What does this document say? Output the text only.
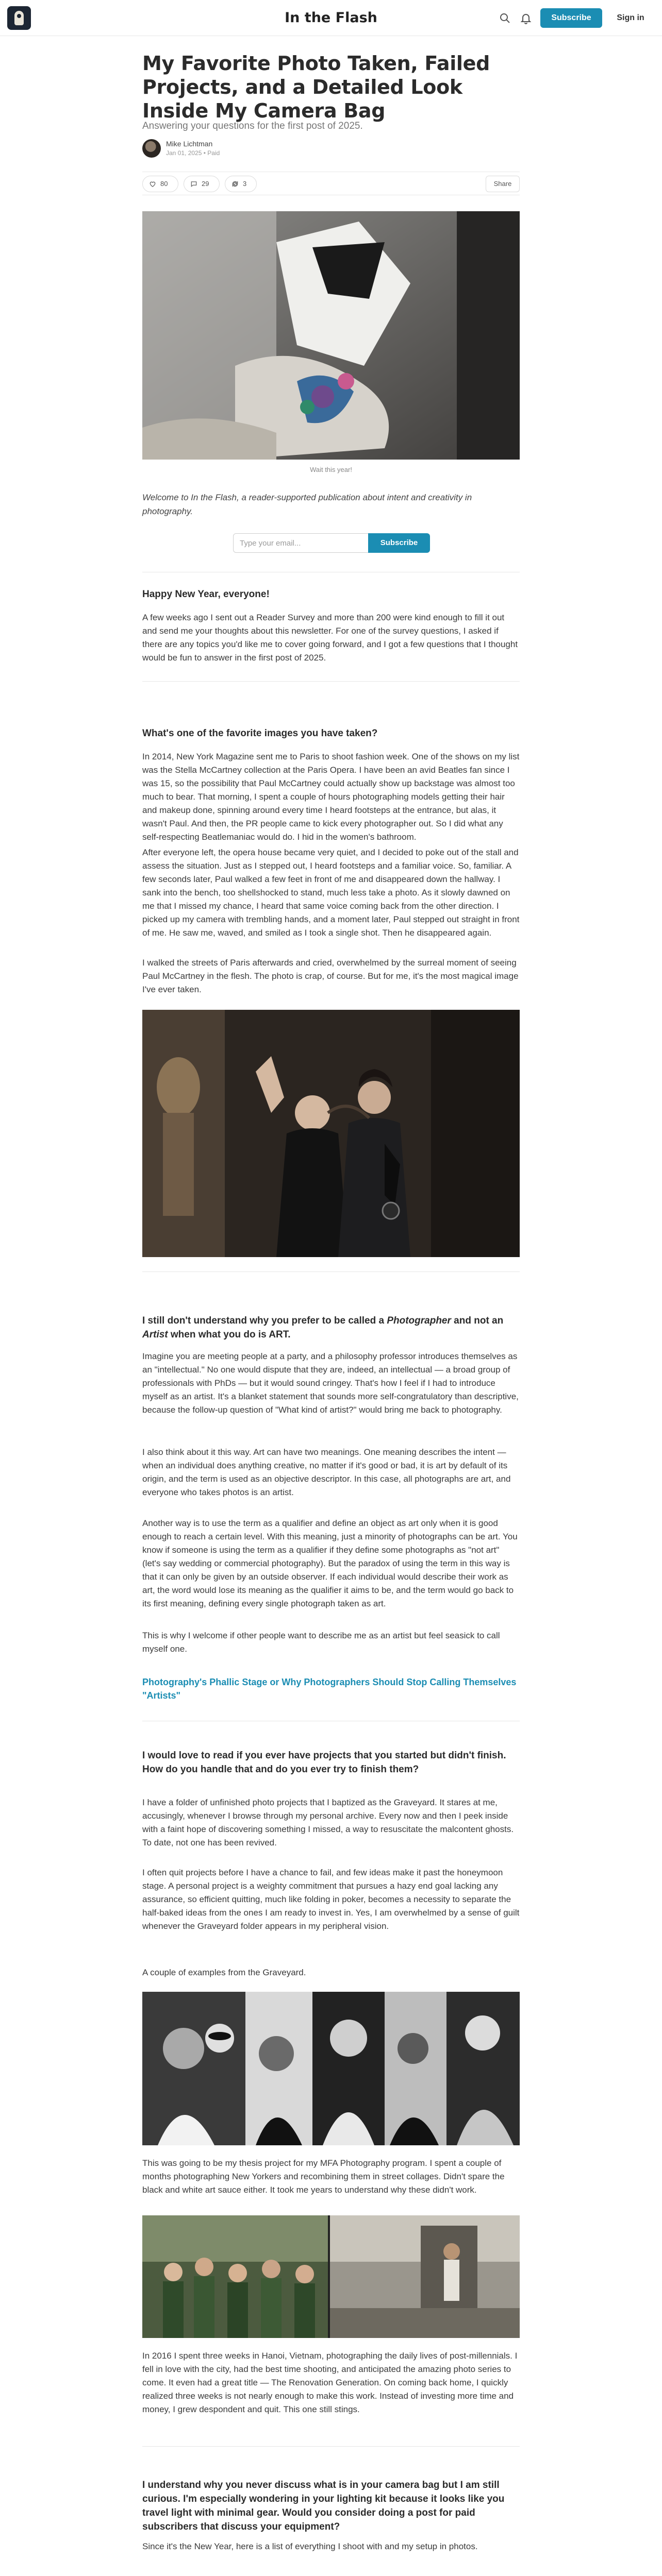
In the Flash	Subscribe	Sign in
My Favorite Photo Taken, Failed Projects, and a Detailed Look Inside My Camera Bag
Answering your questions for the first post of 2025.
Mike Lichtman
Jan 01, 2025 • Paid
80	29	3	Share
Wait this year!
Welcome to In the Flash, a reader-supported publication about intent and creativity in photography.
Type your email...
Subscribe
Happy New Year, everyone!
A few weeks ago I sent out a Reader Survey and more than 200 were kind enough to fill it out and send me your thoughts about this newsletter. For one of the survey questions, I asked if there are any topics you'd like me to cover going forward, and I got a few questions that I thought would be fun to answer in the first post of 2025.
What's one of the favorite images you have taken?
In 2014, New York Magazine sent me to Paris to shoot fashion week. One of the shows on my list was the Stella McCartney collection at the Paris Opera. I have been an avid Beatles fan since I was 15, so the possibility that Paul McCartney could actually show up backstage was almost too much to bear. That morning, I spent a couple of hours photographing models getting their hair and makeup done, spinning around every time I heard footsteps at the entrance, but alas, it wasn't Paul. And then, the PR people came to kick every photographer out. So I did what any self-respecting Beatlemaniac would do. I hid in the women's bathroom.
After everyone left, the opera house became very quiet, and I decided to poke out of the stall and assess the situation. Just as I stepped out, I heard footsteps and a familiar voice. So, familiar. A few seconds later, Paul walked a few feet in front of me and disappeared down the hallway. I sank into the bench, too shellshocked to stand, much less take a photo. As it slowly dawned on me that I missed my chance, I heard that same voice coming back from the other direction. I picked up my camera with trembling hands, and a moment later, Paul stepped out straight in front of me. He saw me, waved, and smiled as I took a single shot. Then he disappeared again.
I walked the streets of Paris afterwards and cried, overwhelmed by the surreal moment of seeing Paul McCartney in the flesh. The photo is crap, of course. But for me, it's the most magical image I've ever taken.
I still don't understand why you prefer to be called a Photographer and not an Artist when what you do is ART.
Imagine you are meeting people at a party, and a philosophy professor introduces themselves as an "intellectual." No one would dispute that they are, indeed, an intellectual — a broad group of professionals with PhDs — but it would sound cringey. That's how I feel if I had to introduce myself as an artist. It's a blanket statement that sounds more self-congratulatory than descriptive, because the follow-up question of "What kind of artist?" would bring me back to photography.
I also think about it this way. Art can have two meanings. One meaning describes the intent — when an individual does anything creative, no matter if it's good or bad, it is art by default of its origin, and the term is used as an objective descriptor. In this case, all photographs are art, and everyone who takes photos is an artist.
Another way is to use the term as a qualifier and define an object as art only when it is good enough to reach a certain level. With this meaning, just a minority of photographs can be art. You know if someone is using the term as a qualifier if they define some photographs as "not art" (let's say wedding or commercial photography). But the paradox of using the term in this way is that it can only be given by an outside observer. If each individual would describe their work as art, the word would lose its meaning as the qualifier it aims to be, and the term would go back to its first meaning, defining every single photograph taken as art.
This is why I welcome if other people want to describe me as an artist but feel seasick to call myself one.
Photography's Phallic Stage or Why Photographers Should Stop Calling Themselves "Artists"
I would love to read if you ever have projects that you started but didn't finish. How do you handle that and do you ever try to finish them?
I have a folder of unfinished photo projects that I baptized as the Graveyard. It stares at me, accusingly, whenever I browse through my personal archive. Every now and then I peek inside with a faint hope of discovering something I missed, a way to resuscitate the malcontent ghosts. To date, not one has been revived.
I often quit projects before I have a chance to fail, and few ideas make it past the honeymoon stage. A personal project is a weighty commitment that pursues a hazy end goal lacking any assurance, so efficient quitting, much like folding in poker, becomes a necessity to separate the half-baked ideas from the ones I am ready to invest in. Yes, I am overwhelmed by a sense of guilt whenever the Graveyard folder appears in my peripheral vision.
A couple of examples from the Graveyard.
This was going to be my thesis project for my MFA Photography program. I spent a couple of months photographing New Yorkers and recombining them in street collages. Didn't spare the black and white art sauce either. It took me years to understand why these didn't work.
In 2016 I spent three weeks in Hanoi, Vietnam, photographing the daily lives of post-millennials. I fell in love with the city, had the best time shooting, and anticipated the amazing photo series to come. It even had a great title — The Renovation Generation. On coming back home, I quickly realized three weeks is not nearly enough to make this work. Instead of investing more time and money, I grew despondent and quit. This one still stings.
I understand why you never discuss what is in your camera bag but I am still curious. I'm especially wondering in your lighting kit because it looks like you travel light with minimal gear. Would you consider doing a post for paid subscribers that discuss your equipment?
Since it's the New Year, here is a list of everything I shoot with and my setup in photos.
